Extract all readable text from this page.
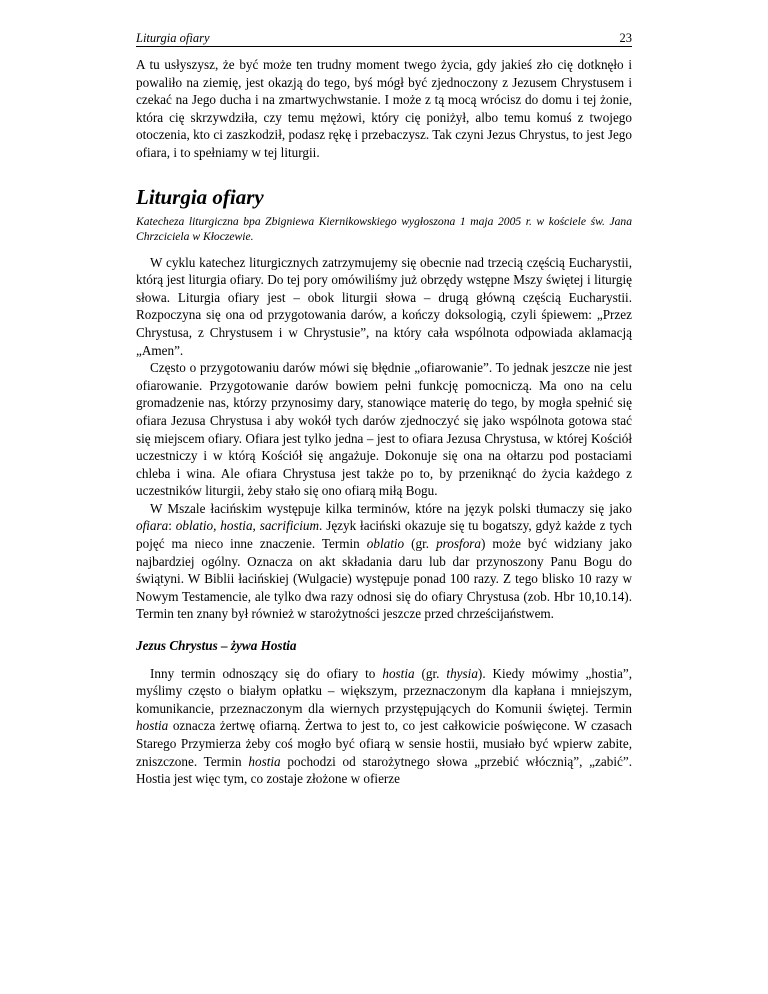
Liturgia ofiary	23

A tu usłyszysz, że być może ten trudny moment twego życia, gdy jakieś zło cię dotknęło i powaliło na ziemię, jest okazją do tego, byś mógł być zjednoczony z Jezusem Chrystusem i czekać na Jego ducha i na zmartwychwstanie. I może z tą mocą wrócisz do domu i tej żonie, która cię skrzywdziła, czy temu mężowi, który cię poniżył, albo temu komuś z twojego otoczenia, kto ci zaszkodził, podasz rękę i przebaczysz. Tak czyni Jezus Chrystus, to jest Jego ofiara, i to spełniamy w tej liturgii.

Liturgia ofiary
Katecheza liturgiczna bpa Zbigniewa Kiernikowskiego wygłoszona 1 maja 2005 r. w kościele św. Jana Chrzciciela w Kłoczewie.

W cyklu katechez liturgicznych zatrzymujemy się obecnie nad trzecią częścią Eucharystii, którą jest liturgia ofiary. Do tej pory omówiliśmy już obrzędy wstępne Mszy świętej i liturgię słowa. Liturgia ofiary jest – obok liturgii słowa – drugą główną częścią Eucharystii. Rozpoczyna się ona od przygotowania darów, a kończy doksologią, czyli śpiewem: „Przez Chrystusa, z Chrystusem i w Chrystusie”, na który cała wspólnota odpowiada aklamacją „Amen”.

Często o przygotowaniu darów mówi się błędnie „ofiarowanie”. To jednak jeszcze nie jest ofiarowanie. Przygotowanie darów bowiem pełni funkcję pomocniczą. Ma ono na celu gromadzenie nas, którzy przynosimy dary, stanowiące materię do tego, by mogła spełnić się ofiara Jezusa Chrystusa i aby wokół tych darów zjednoczyć się jako wspólnota gotowa stać się miejscem ofiary. Ofiara jest tylko jedna – jest to ofiara Jezusa Chrystusa, w której Kościół uczestniczy i w którą Kościół się angażuje. Dokonuje się ona na ołtarzu pod postaciami chleba i wina. Ale ofiara Chrystusa jest także po to, by przeniknąć do życia każdego z uczestników liturgii, żeby stało się ono ofiarą miłą Bogu.

W Mszale łacińskim występuje kilka terminów, które na język polski tłumaczy się jako ofiara: oblatio, hostia, sacrificium. Język łaciński okazuje się tu bogatszy, gdyż każde z tych pojęć ma nieco inne znaczenie. Termin oblatio (gr. prosfora) może być widziany jako najbardziej ogólny. Oznacza on akt składania daru lub dar przynoszony Panu Bogu do świątyni. W Biblii łacińskiej (Wulgacie) występuje ponad 100 razy. Z tego blisko 10 razy w Nowym Testamencie, ale tylko dwa razy odnosi się do ofiary Chrystusa (zob. Hbr 10,10.14). Termin ten znany był również w starożytności jeszcze przed chrześcijaństwem.

Jezus Chrystus – żywa Hostia

Inny termin odnoszący się do ofiary to hostia (gr. thysia). Kiedy mówimy „hostia”, myślimy często o białym opłatku – większym, przeznaczonym dla kapłana i mniejszym, komunikancie, przeznaczonym dla wiernych przystępujących do Komunii świętej. Termin hostia oznacza żertwę ofiarną. Żertwa to jest to, co jest całkowicie poświęcone. W czasach Starego Przymierza żeby coś mogło być ofiarą w sensie hostii, musiało być wpierw zabite, zniszczone. Termin hostia pochodzi od starożytnego słowa „przebić włócznią”, „zabić”. Hostia jest więc tym, co zostaje złożone w ofierze
